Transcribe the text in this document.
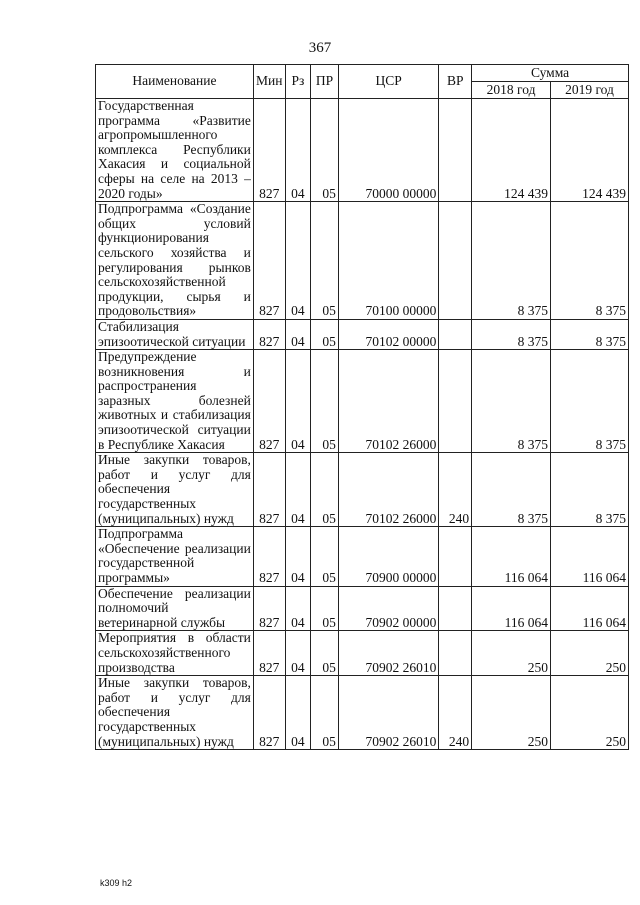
367
Наименование	Мин	Рз	ПР	ЦСР	ВР	Сумма	
						2018 год	2019 год
Государственная программа «Развитие агропромышленного комплекса Республики Хакасия и социальной сферы на селе на 2013 – 2020 годы»	827	04	05	70000 00000		124 439	124 439
Подпрограмма «Создание общих условий функционирования сельского хозяйства и регулирования рынков сельскохозяйственной продукции, сырья и продовольствия»	827	04	05	70100 00000		8 375	8 375
Стабилизация эпизоотической ситуации	827	04	05	70102 00000		8 375	8 375
Предупреждение возникновения и распространения заразных болезней животных и стабилизация эпизоотической ситуации в Республике Хакасия	827	04	05	70102 26000		8 375	8 375
Иные закупки товаров, работ и услуг для обеспечения государственных (муниципальных) нужд	827	04	05	70102 26000	240	8 375	8 375
Подпрограмма «Обеспечение реализации государственной программы»	827	04	05	70900 00000		116 064	116 064
Обеспечение реализации полномочий ветеринарной службы	827	04	05	70902 00000		116 064	116 064
Мероприятия в области сельскохозяйственного производства	827	04	05	70902 26010		250	250
Иные закупки товаров, работ и услуг для обеспечения государственных (муниципальных) нужд	827	04	05	70902 26010	240	250	250
k309 h2
